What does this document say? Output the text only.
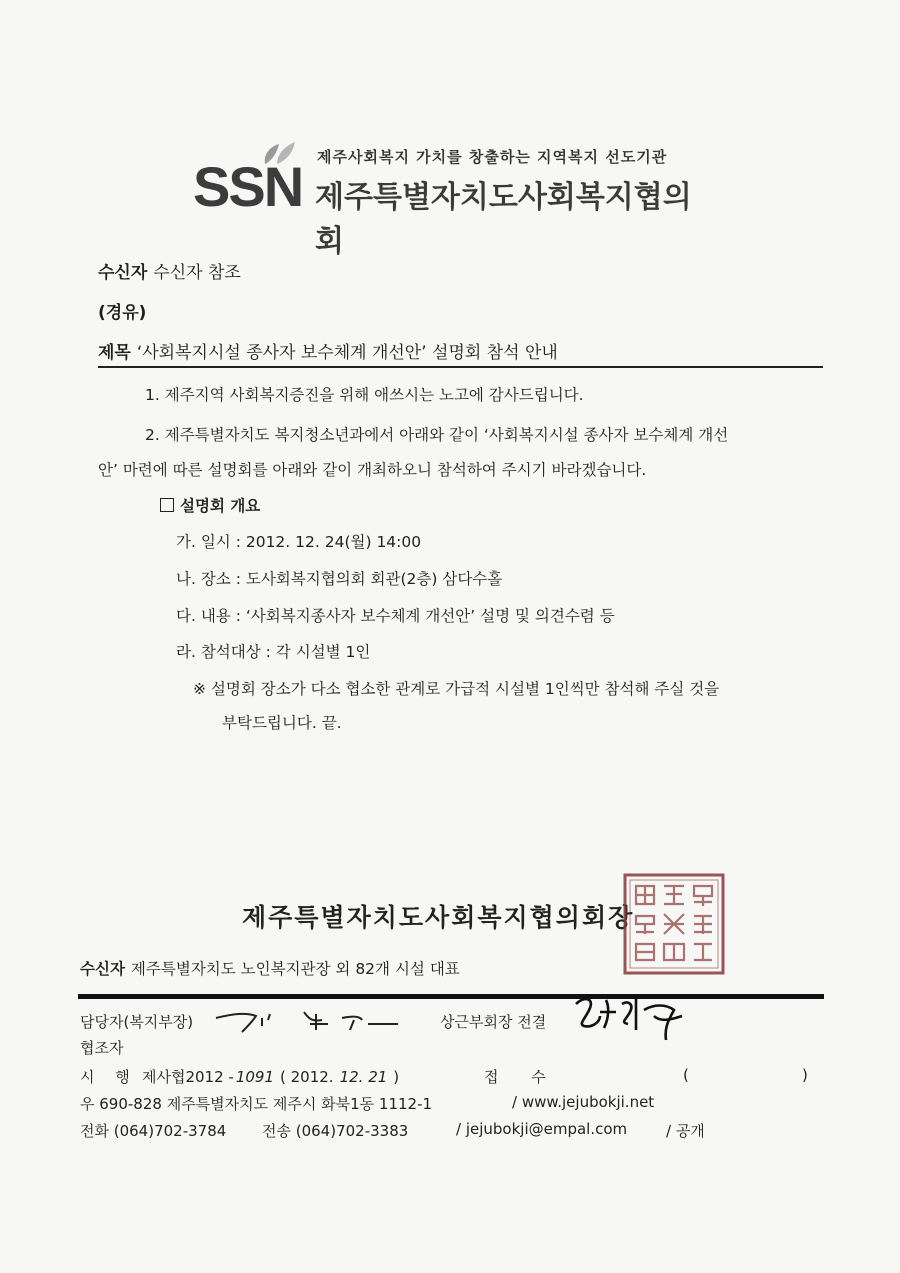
SSN 제주사회복지 가치를 창출하는 지역복지 선도기관
제주특별자치도사회복지협의회
수신자 수신자 참조
(경유)
제목 ‘사회복지시설 종사자 보수체계 개선안’ 설명회 참석 안내
1. 제주지역 사회복지증진을 위해 애쓰시는 노고에 감사드립니다.
2. 제주특별자치도 복지청소년과에서 아래와 같이 ‘사회복지시설 종사자 보수체계 개선
안’ 마련에 따른 설명회를 아래와 같이 개최하오니 참석하여 주시기 바라겠습니다.
설명회 개요
가. 일시 : 2012. 12. 24(월) 14:00
나. 장소 : 도사회복지협의회 회관(2층) 삼다수홀
다. 내용 : ‘사회복지종사자 보수체계 개선안’ 설명 및 의견수렴 등
라. 참석대상 : 각 시설별 1인
※ 설명회 장소가 다소 협소한 관계로 가급적 시설별 1인씩만 참석해 주실 것을
부탁드립니다. 끝.
제주특별자치도사회복지협의회장
수신자 제주특별자치도 노인복지관장 외 82개 시설 대표
담당자(복지부장)	상근부회장 전결
협조자
시 행 제사협2012 - 1091 ( 2012. 12. 21 )	접 수	(	)
우 690-828 제주특별자치도 제주시 화북1동 1112-1	/ www.jejubokji.net
전화 (064)702-3784 전송 (064)702-3383	/ jejubokji@empal.com	/ 공개
